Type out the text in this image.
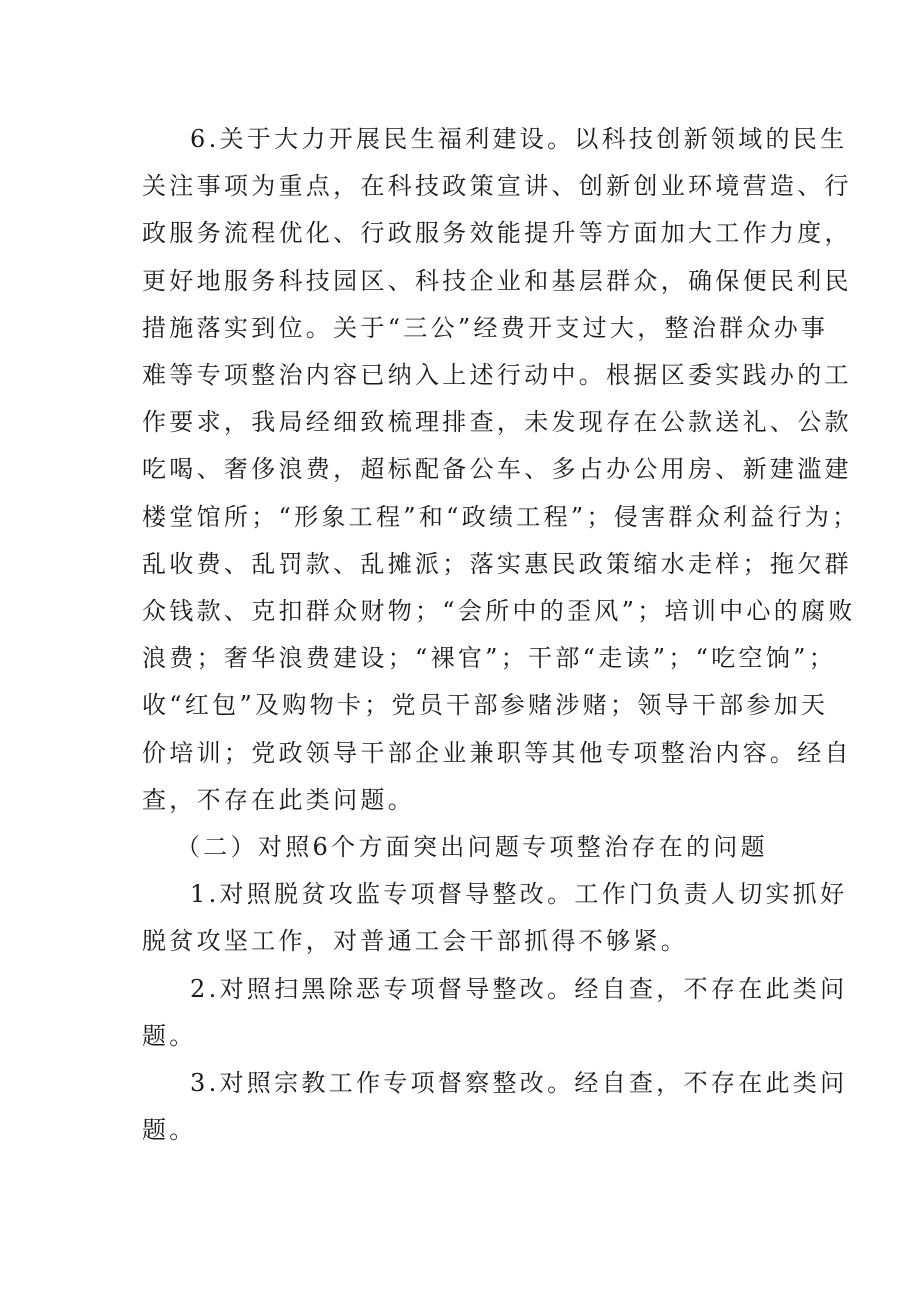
6.关于大力开展民生福利建设。以科技创新领域的民生
关注事项为重点，在科技政策宣讲、创新创业环境营造、行
政服务流程优化、行政服务效能提升等方面加大工作力度，
更好地服务科技园区、科技企业和基层群众，确保便民利民
措施落实到位。关于“三公”经费开支过大，整治群众办事
难等专项整治内容已纳入上述行动中。根据区委实践办的工
作要求，我局经细致梳理排查，未发现存在公款送礼、公款
吃喝、奢侈浪费，超标配备公车、多占办公用房、新建滥建
楼堂馆所；“形象工程”和“政绩工程”；侵害群众利益行为；
乱收费、乱罚款、乱摊派；落实惠民政策缩水走样；拖欠群
众钱款、克扣群众财物；“会所中的歪风”；培训中心的腐败
浪费；奢华浪费建设；“裸官”；干部“走读”；“吃空饷”；
收“红包”及购物卡；党员干部参赌涉赌；领导干部参加天
价培训；党政领导干部企业兼职等其他专项整治内容。经自
查，不存在此类问题。

（二）对照6个方面突出问题专项整治存在的问题

1.对照脱贫攻监专项督导整改。工作门负责人切实抓好
脱贫攻坚工作，对普通工会干部抓得不够紧。

2.对照扫黑除恶专项督导整改。经自查，不存在此类问
题。

3.对照宗教工作专项督察整改。经自查，不存在此类问
题。
